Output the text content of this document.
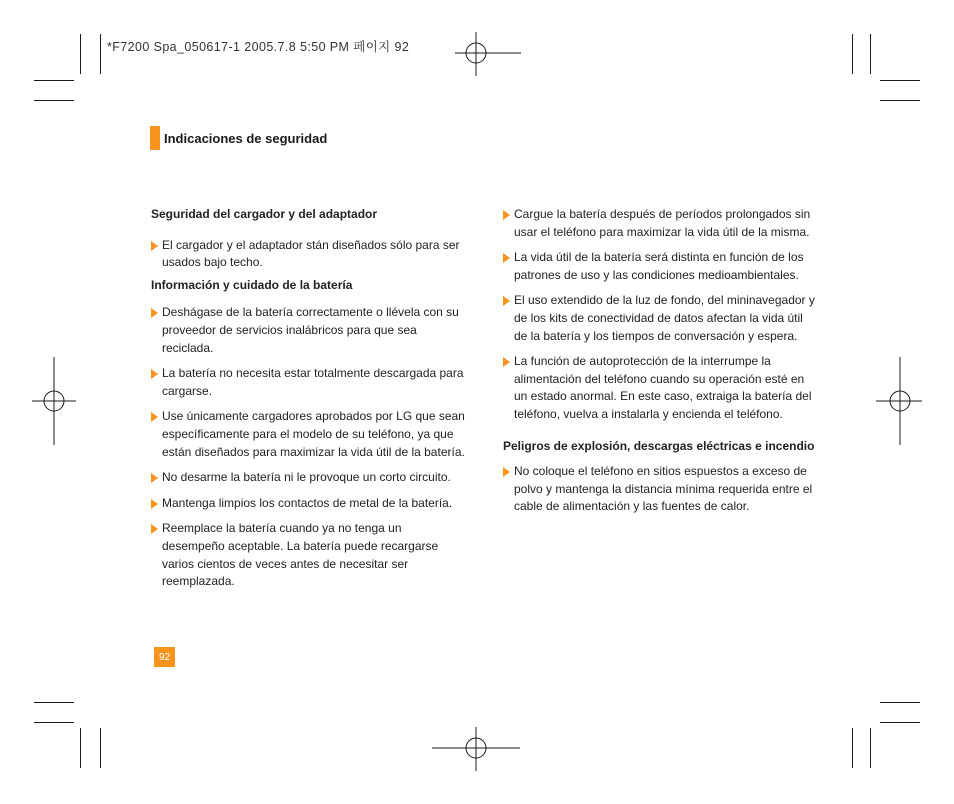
*F7200 Spa_050617-1 2005.7.8 5:50 PM 페이지 92
Indicaciones de seguridad
Seguridad del cargador y del adaptador
El cargador y el adaptador stán diseñados sólo para ser usados bajo techo.
Información y cuidado de la batería
Deshágase de la batería correctamente o llévela con su proveedor de servicios inalábricos para que sea reciclada.
La batería no necesita estar totalmente descargada para cargarse.
Use únicamente cargadores aprobados por LG que sean específicamente para el modelo de su teléfono, ya que están diseñados para maximizar la vida útil de la batería.
No desarme la batería ni le provoque un corto circuito.
Mantenga limpios los contactos de metal de la batería.
Reemplace la batería cuando ya no tenga un desempeño aceptable. La batería puede recargarse varios cientos de veces antes de necesitar ser reemplazada.
Cargue la batería después de períodos prolongados sin usar el teléfono para maximizar la vida útil de la misma.
La vida útil de la batería será distinta en función de los patrones de uso y las condiciones medioambientales.
El uso extendido de la luz de fondo, del mininavegador y de los kits de conectividad de datos afectan la vida útil de la batería y los tiempos de conversación y espera.
La función de autoprotección de la interrumpe la alimentación del teléfono cuando su operación esté en un estado anormal. En este caso, extraiga la batería del teléfono, vuelva a instalarla y encienda el teléfono.
Peligros de explosión, descargas eléctricas e incendio
No coloque el teléfono en sitios espuestos a exceso de polvo y mantenga la distancia mínima requerida entre el cable de alimentación y las fuentes de calor.
92
